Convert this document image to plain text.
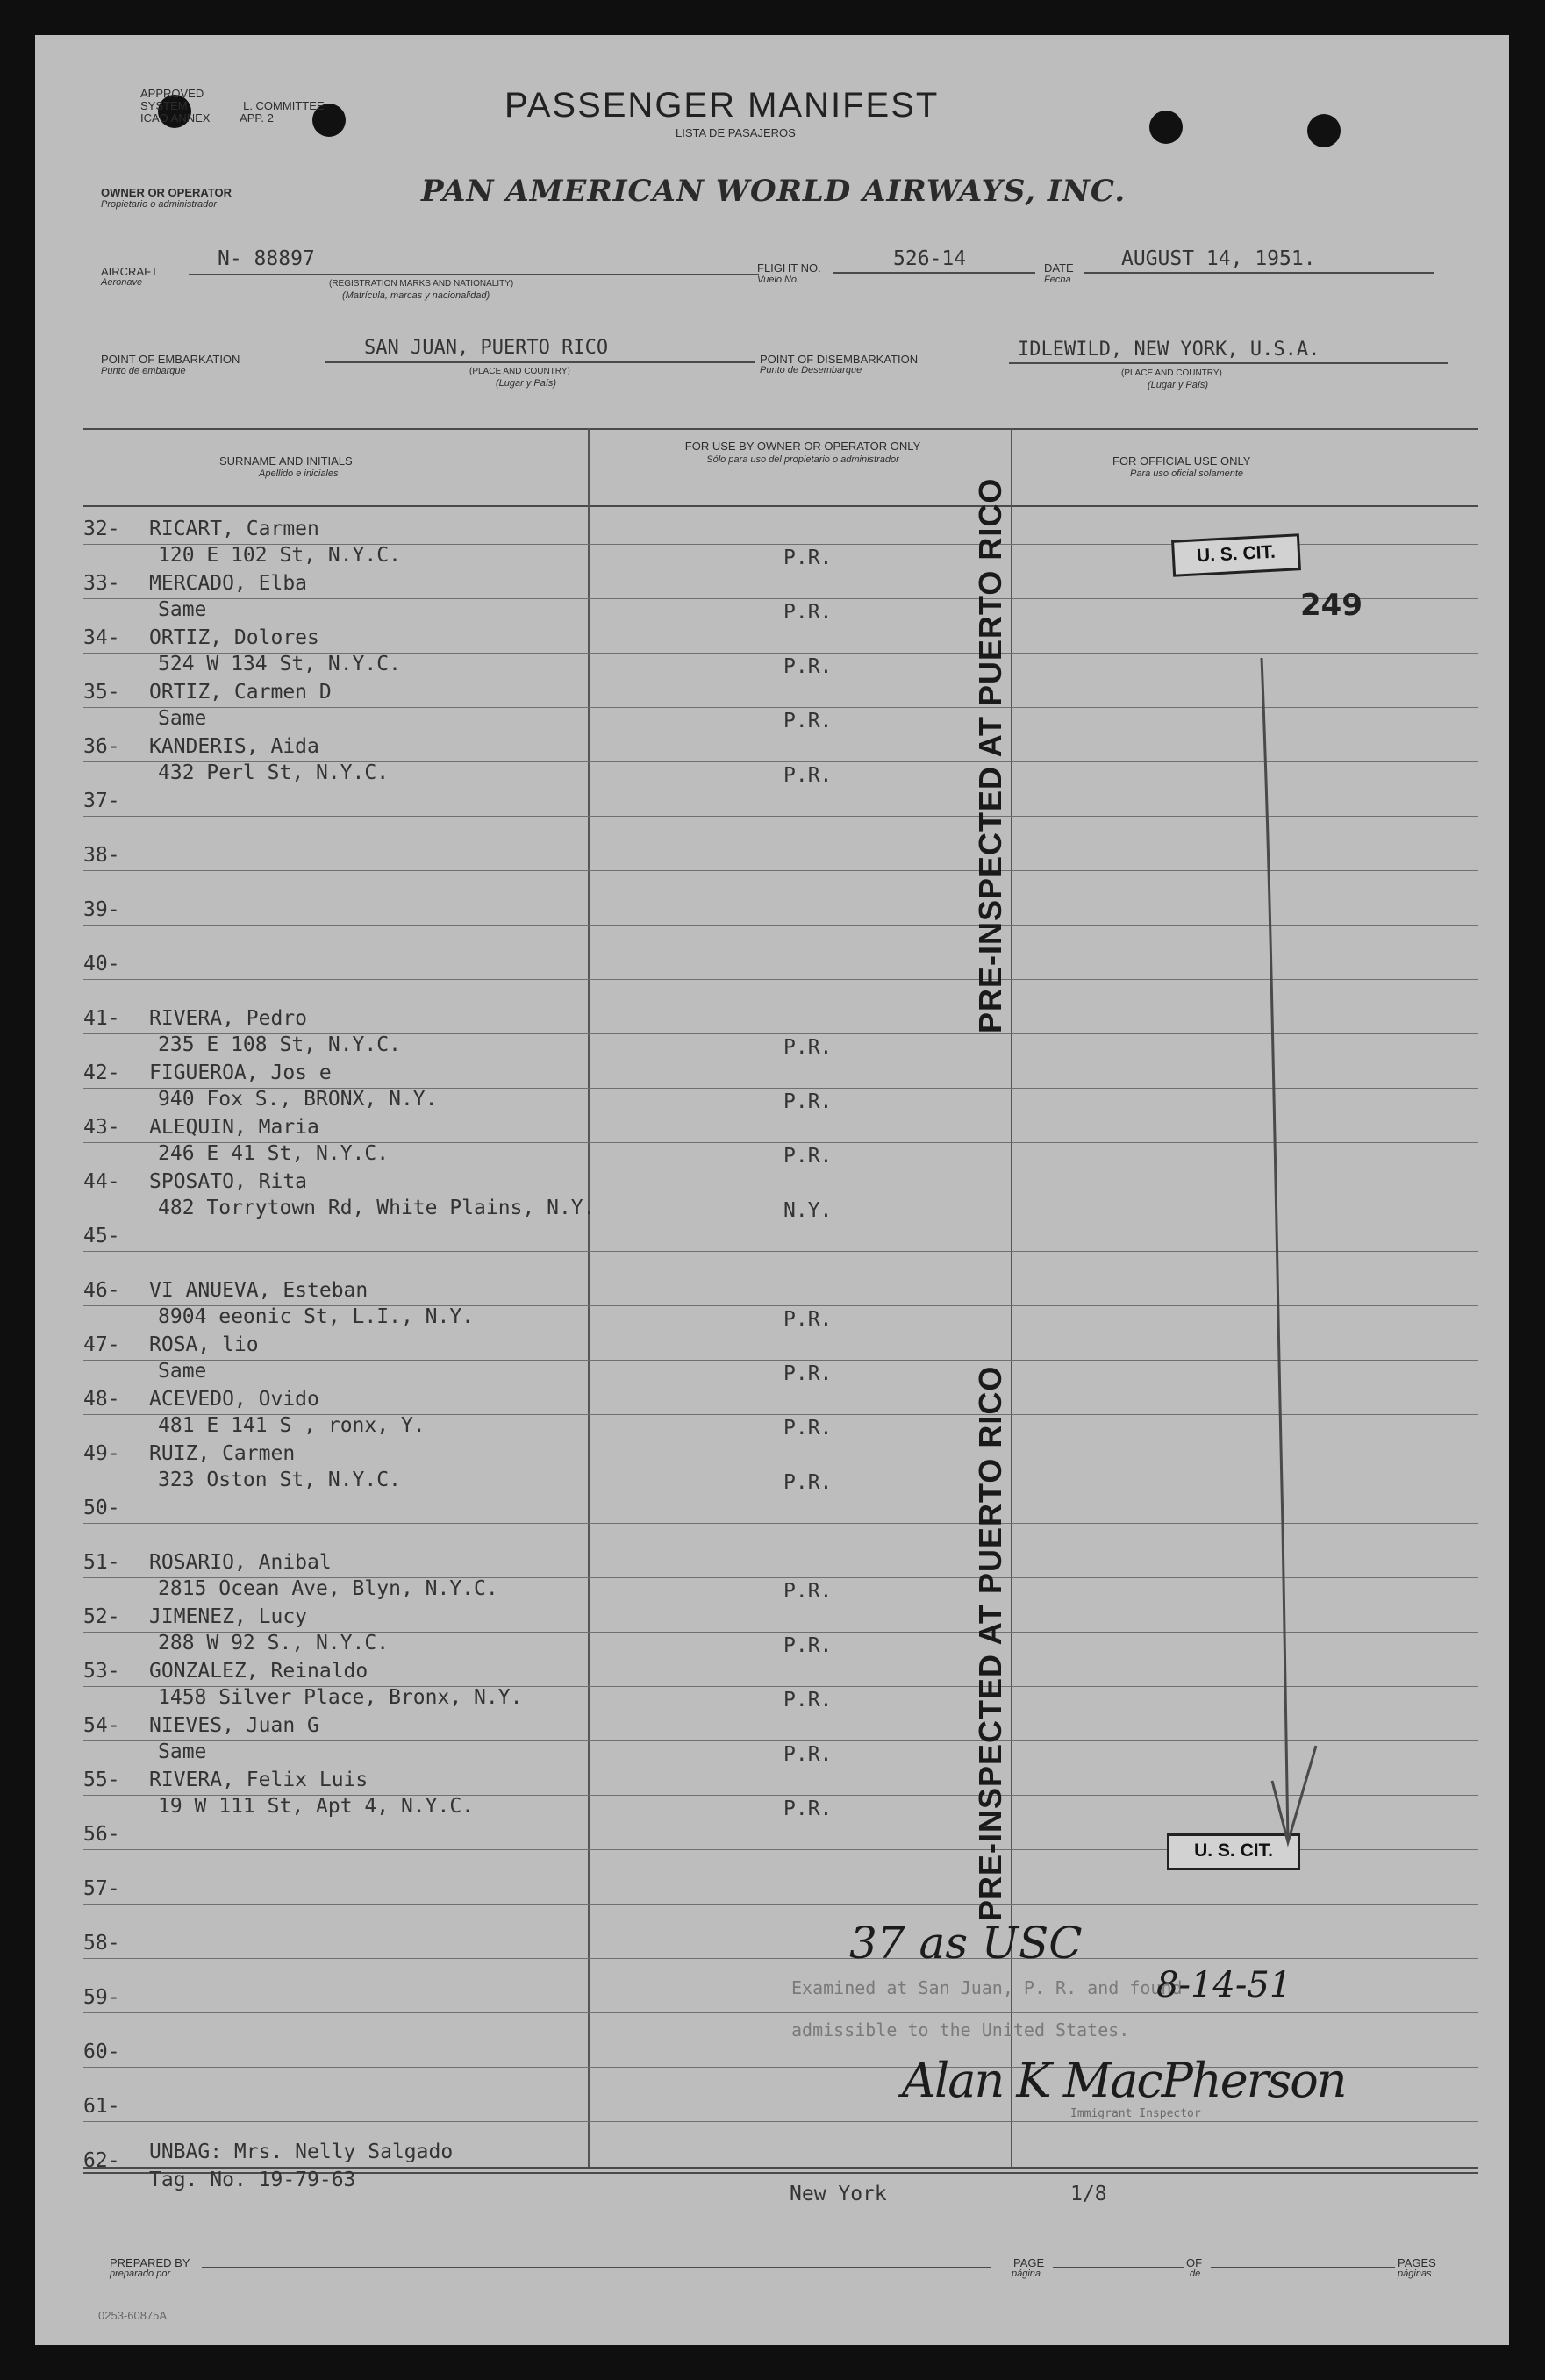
APPROVED
SYSTEM	L. COMMITTEE
ICAO ANNEX	APP. 2	PASSENGER MANIFEST
LISTA DE PASAJEROS
OWNER OR OPERATOR
Propietario o administrador	PAN AMERICAN WORLD AIRWAYS, INC.
AIRCRAFT
Aeronave
N- 88897
(REGISTRATION MARKS AND NATIONALITY)
(Matrícula, marcas y nacionalidad)
FLIGHT NO.
Vuelo No.
526-14	DATE
Fecha
AUGUST 14, 1951.
POINT OF EMBARKATION
Punto de embarque
SAN JUAN, PUERTO RICO
(PLACE AND COUNTRY)
(Lugar y País)
POINT OF DISEMBARKATION
Punto de Desembarque
IDLEWILD, NEW YORK, U.S.A.
(PLACE AND COUNTRY)
(Lugar y País)
SURNAME AND INITIALS
Apellido e iniciales
FOR USE BY OWNER OR OPERATOR ONLY
Sólo para uso del propietario o administrador	FOR OFFICIAL USE ONLY
Para uso oficial solamente
32- RICART, Carmen
120 E 102 St, N.Y.C.	P.R.
33- MERCADO, Elba
Same	P.R.
34- ORTIZ, Dolores
524 W 134 St, N.Y.C.	P.R.
35- ORTIZ, Carmen D
Same	P.R.
36- KANDERIS, Aida
432 Perl St, N.Y.C.	P.R.
37-
38-
39-
40-
41- RIVERA, Pedro
235 E 108 St, N.Y.C.	P.R.
42- FIGUEROA, Jos e
940 Fox S., BRONX, N.Y.	P.R.
43- ALEQUIN, Maria
246 E 41 St, N.Y.C.	P.R.
44- SPOSATO, Rita
482 Torrytown Rd, White Plains, N.Y.	N.Y.
45-
46- VI ANUEVA, Esteban
8904 eeonic St, L.I., N.Y.	P.R.
47- ROSA, lio
Same	P.R.
48- ACEVEDO, Ovido
481 E 141 S , ronx, Y.	P.R.
49- RUIZ, Carmen
323 Oston St, N.Y.C.	P.R.
50-
51- ROSARIO, Anibal
2815 Ocean Ave, Blyn, N.Y.C.	P.R.
52- JIMENEZ, Lucy
288 W 92 S., N.Y.C.	P.R.
53- GONZALEZ, Reinaldo
1458 Silver Place, Bronx, N.Y.	P.R.
54- NIEVES, Juan G
Same	P.R.
55- RIVERA, Felix Luis
19 W 111 St, Apt 4, N.Y.C.	P.R.
56-
57-
58-
59-
60-
61-
62- UNBAG: Mrs. Nelly Salgado
Tag. No. 19-79-63
New York	1/8
PRE-INSPECTED AT PUERTO RICO
PRE-INSPECTED AT PUERTO RICO
U. S. CIT.
U. S. CIT.
249
37 as USC
Examined at San Juan, P. R. and found
8-14-51
admissible to the United States.
Alan K MacPherson
Immigrant Inspector
PREPARED BY
preparado por
PAGE
página
OF
de
PAGES
páginas
0253-60875A
